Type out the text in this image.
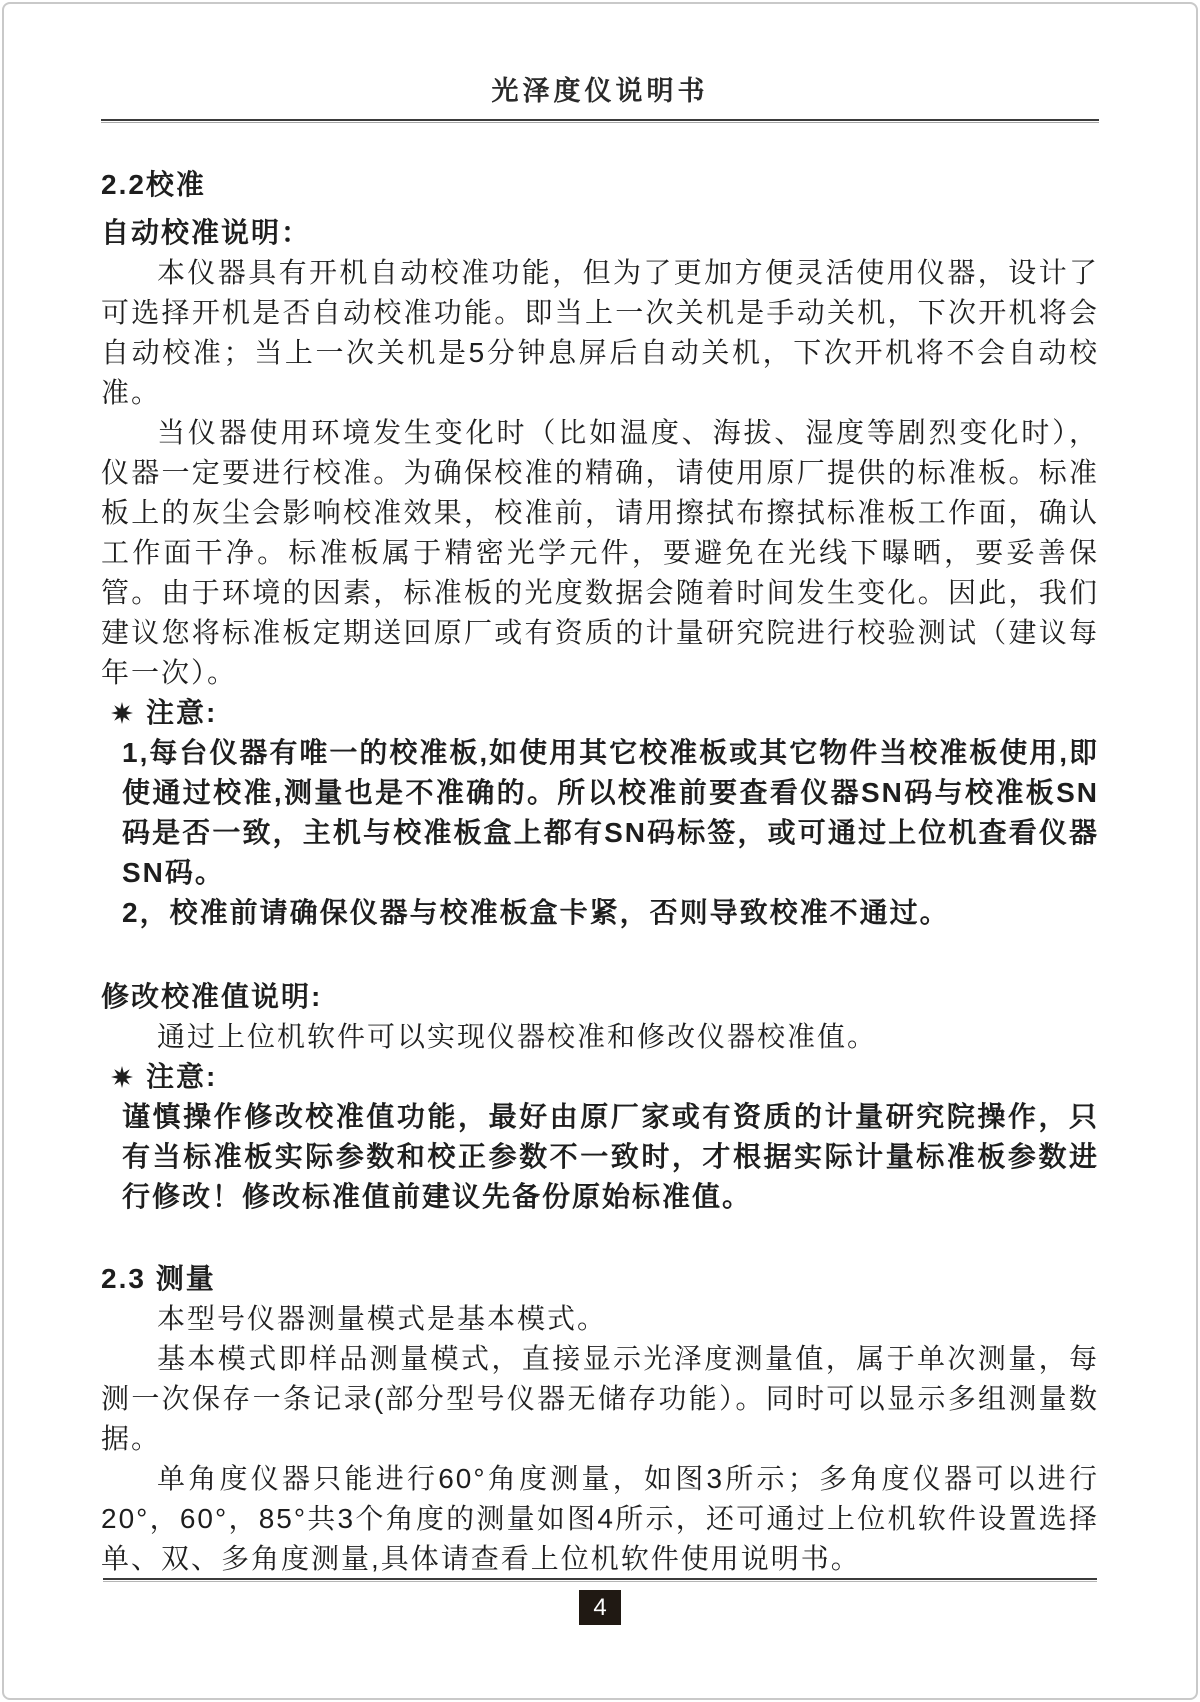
光泽度仪说明书
2.2校准
自动校准说明：

本仪器具有开机自动校准功能，但为了更加方便灵活使用仪器，设计了可选择开机是否自动校准功能。即当上一次关机是手动关机，下次开机将会自动校准；当上一次关机是5分钟息屏后自动关机，下次开机将不会自动校准。

当仪器使用环境发生变化时（比如温度、海拔、湿度等剧烈变化时），仪器一定要进行校准。为确保校准的精确，请使用原厂提供的标准板。标准板上的灰尘会影响校准效果，校准前，请用擦拭布擦拭标准板工作面，确认工作面干净。标准板属于精密光学元件，要避免在光线下曝晒，要妥善保管。由于环境的因素，标准板的光度数据会随着时间发生变化。因此，我们建议您将标准板定期送回原厂或有资质的计量研究院进行校验测试（建议每年一次）。

注意:

1,每台仪器有唯一的校准板,如使用其它校准板或其它物件当校准板使用,即使通过校准,测量也是不准确的。所以校准前要查看仪器SN码与校准板SN码是否一致，主机与校准板盒上都有SN码标签，或可通过上位机查看仪器SN码。

2，校准前请确保仪器与校准板盒卡紧，否则导致校准不通过。

修改校准值说明:

通过上位机软件可以实现仪器校准和修改仪器校准值。

注意:

谨慎操作修改校准值功能，最好由原厂家或有资质的计量研究院操作，只有当标准板实际参数和校正参数不一致时，才根据实际计量标准板参数进行修改！修改标准值前建议先备份原始标准值。

2.3 测量

本型号仪器测量模式是基本模式。

基本模式即样品测量模式，直接显示光泽度测量值，属于单次测量，每测一次保存一条记录(部分型号仪器无储存功能）。同时可以显示多组测量数据。

单角度仪器只能进行60°角度测量，如图3所示；多角度仪器可以进行20°，60°，85°共3个角度的测量如图4所示，还可通过上位机软件设置选择单、双、多角度测量,具体请查看上位机软件使用说明书。

4
